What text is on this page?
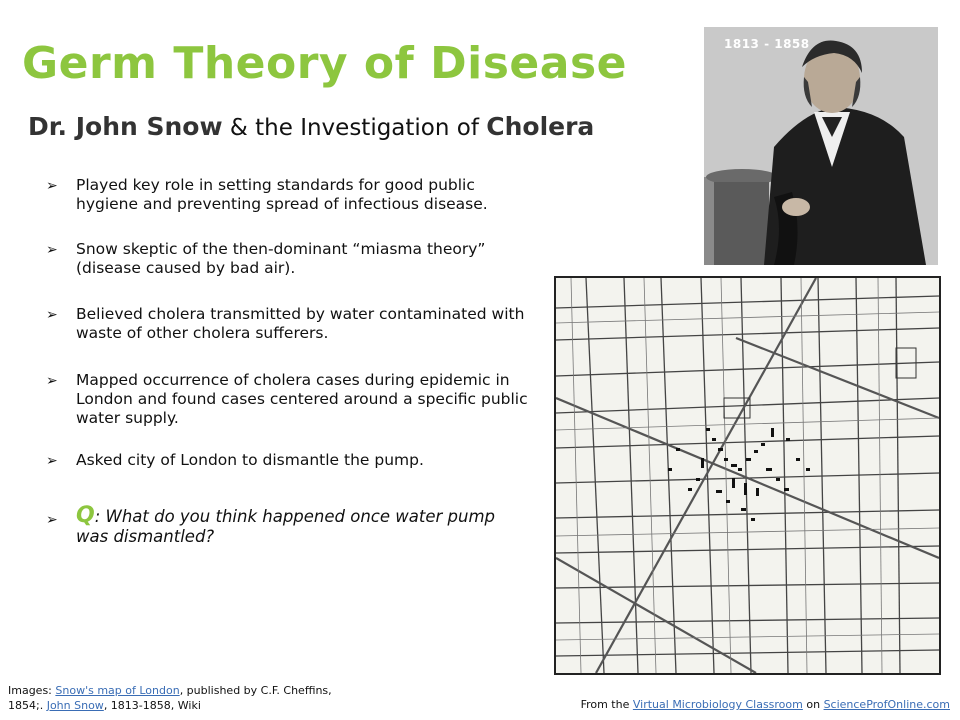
Germ Theory of Disease
Dr. John Snow & the Investigation of Cholera
➢ Played key role in setting standards for good public hygiene and preventing spread of infectious disease.
➢ Snow skeptic of the then-dominant “miasma theory” (disease caused by bad air).
➢ Believed cholera transmitted by water contaminated with waste of other cholera sufferers.
➢ Mapped occurrence of cholera cases during epidemic in London and found cases centered around a specific public water supply.
➢ Asked city of London to dismantle the pump.
➢ Q: What do you think happened once water pump was dismantled?
1813 - 1858
Images: Snow's map of London, published by C.F. Cheffins, 1854;. John Snow, 1813-1858, Wiki	From the Virtual Microbiology Classroom on ScienceProfOnline.com
